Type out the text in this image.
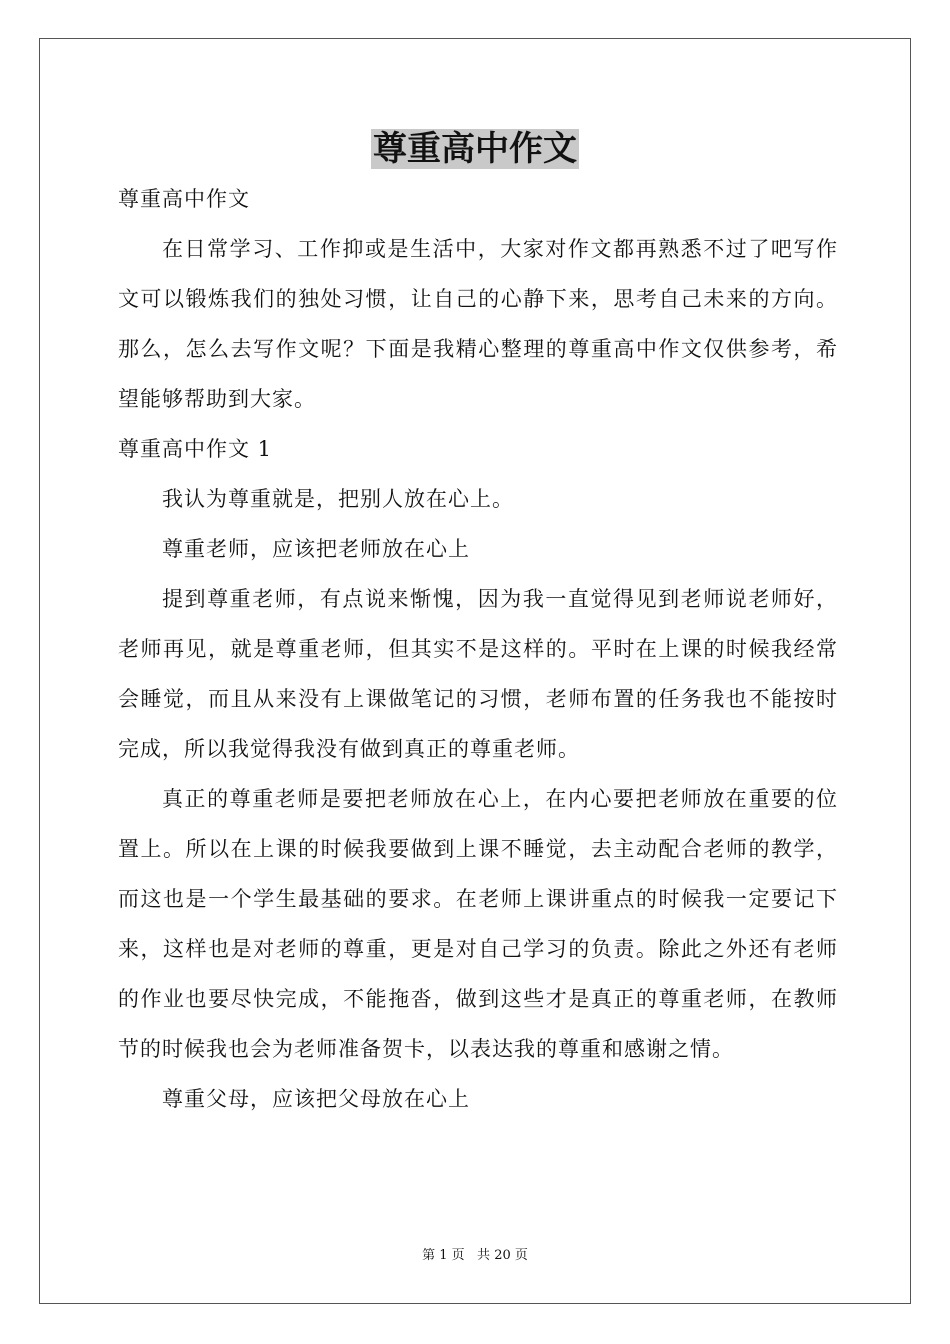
尊重高中作文

尊重高中作文

在日常学习、工作抑或是生活中，大家对作文都再熟悉不过了吧写作文可以锻炼我们的独处习惯，让自己的心静下来，思考自己未来的方向。那么，怎么去写作文呢？下面是我精心整理的尊重高中作文仅供参考，希望能够帮助到大家。

尊重高中作文 1

我认为尊重就是，把别人放在心上。

尊重老师，应该把老师放在心上

提到尊重老师，有点说来惭愧，因为我一直觉得见到老师说老师好，老师再见，就是尊重老师，但其实不是这样的。平时在上课的时候我经常会睡觉，而且从来没有上课做笔记的习惯，老师布置的任务我也不能按时完成，所以我觉得我没有做到真正的尊重老师。

真正的尊重老师是要把老师放在心上，在内心要把老师放在重要的位置上。所以在上课的时候我要做到上课不睡觉，去主动配合老师的教学，而这也是一个学生最基础的要求。在老师上课讲重点的时候我一定要记下来，这样也是对老师的尊重，更是对自己学习的负责。除此之外还有老师的作业也要尽快完成，不能拖沓，做到这些才是真正的尊重老师，在教师节的时候我也会为老师准备贺卡，以表达我的尊重和感谢之情。

尊重父母，应该把父母放在心上

第 1 页   共 20 页
